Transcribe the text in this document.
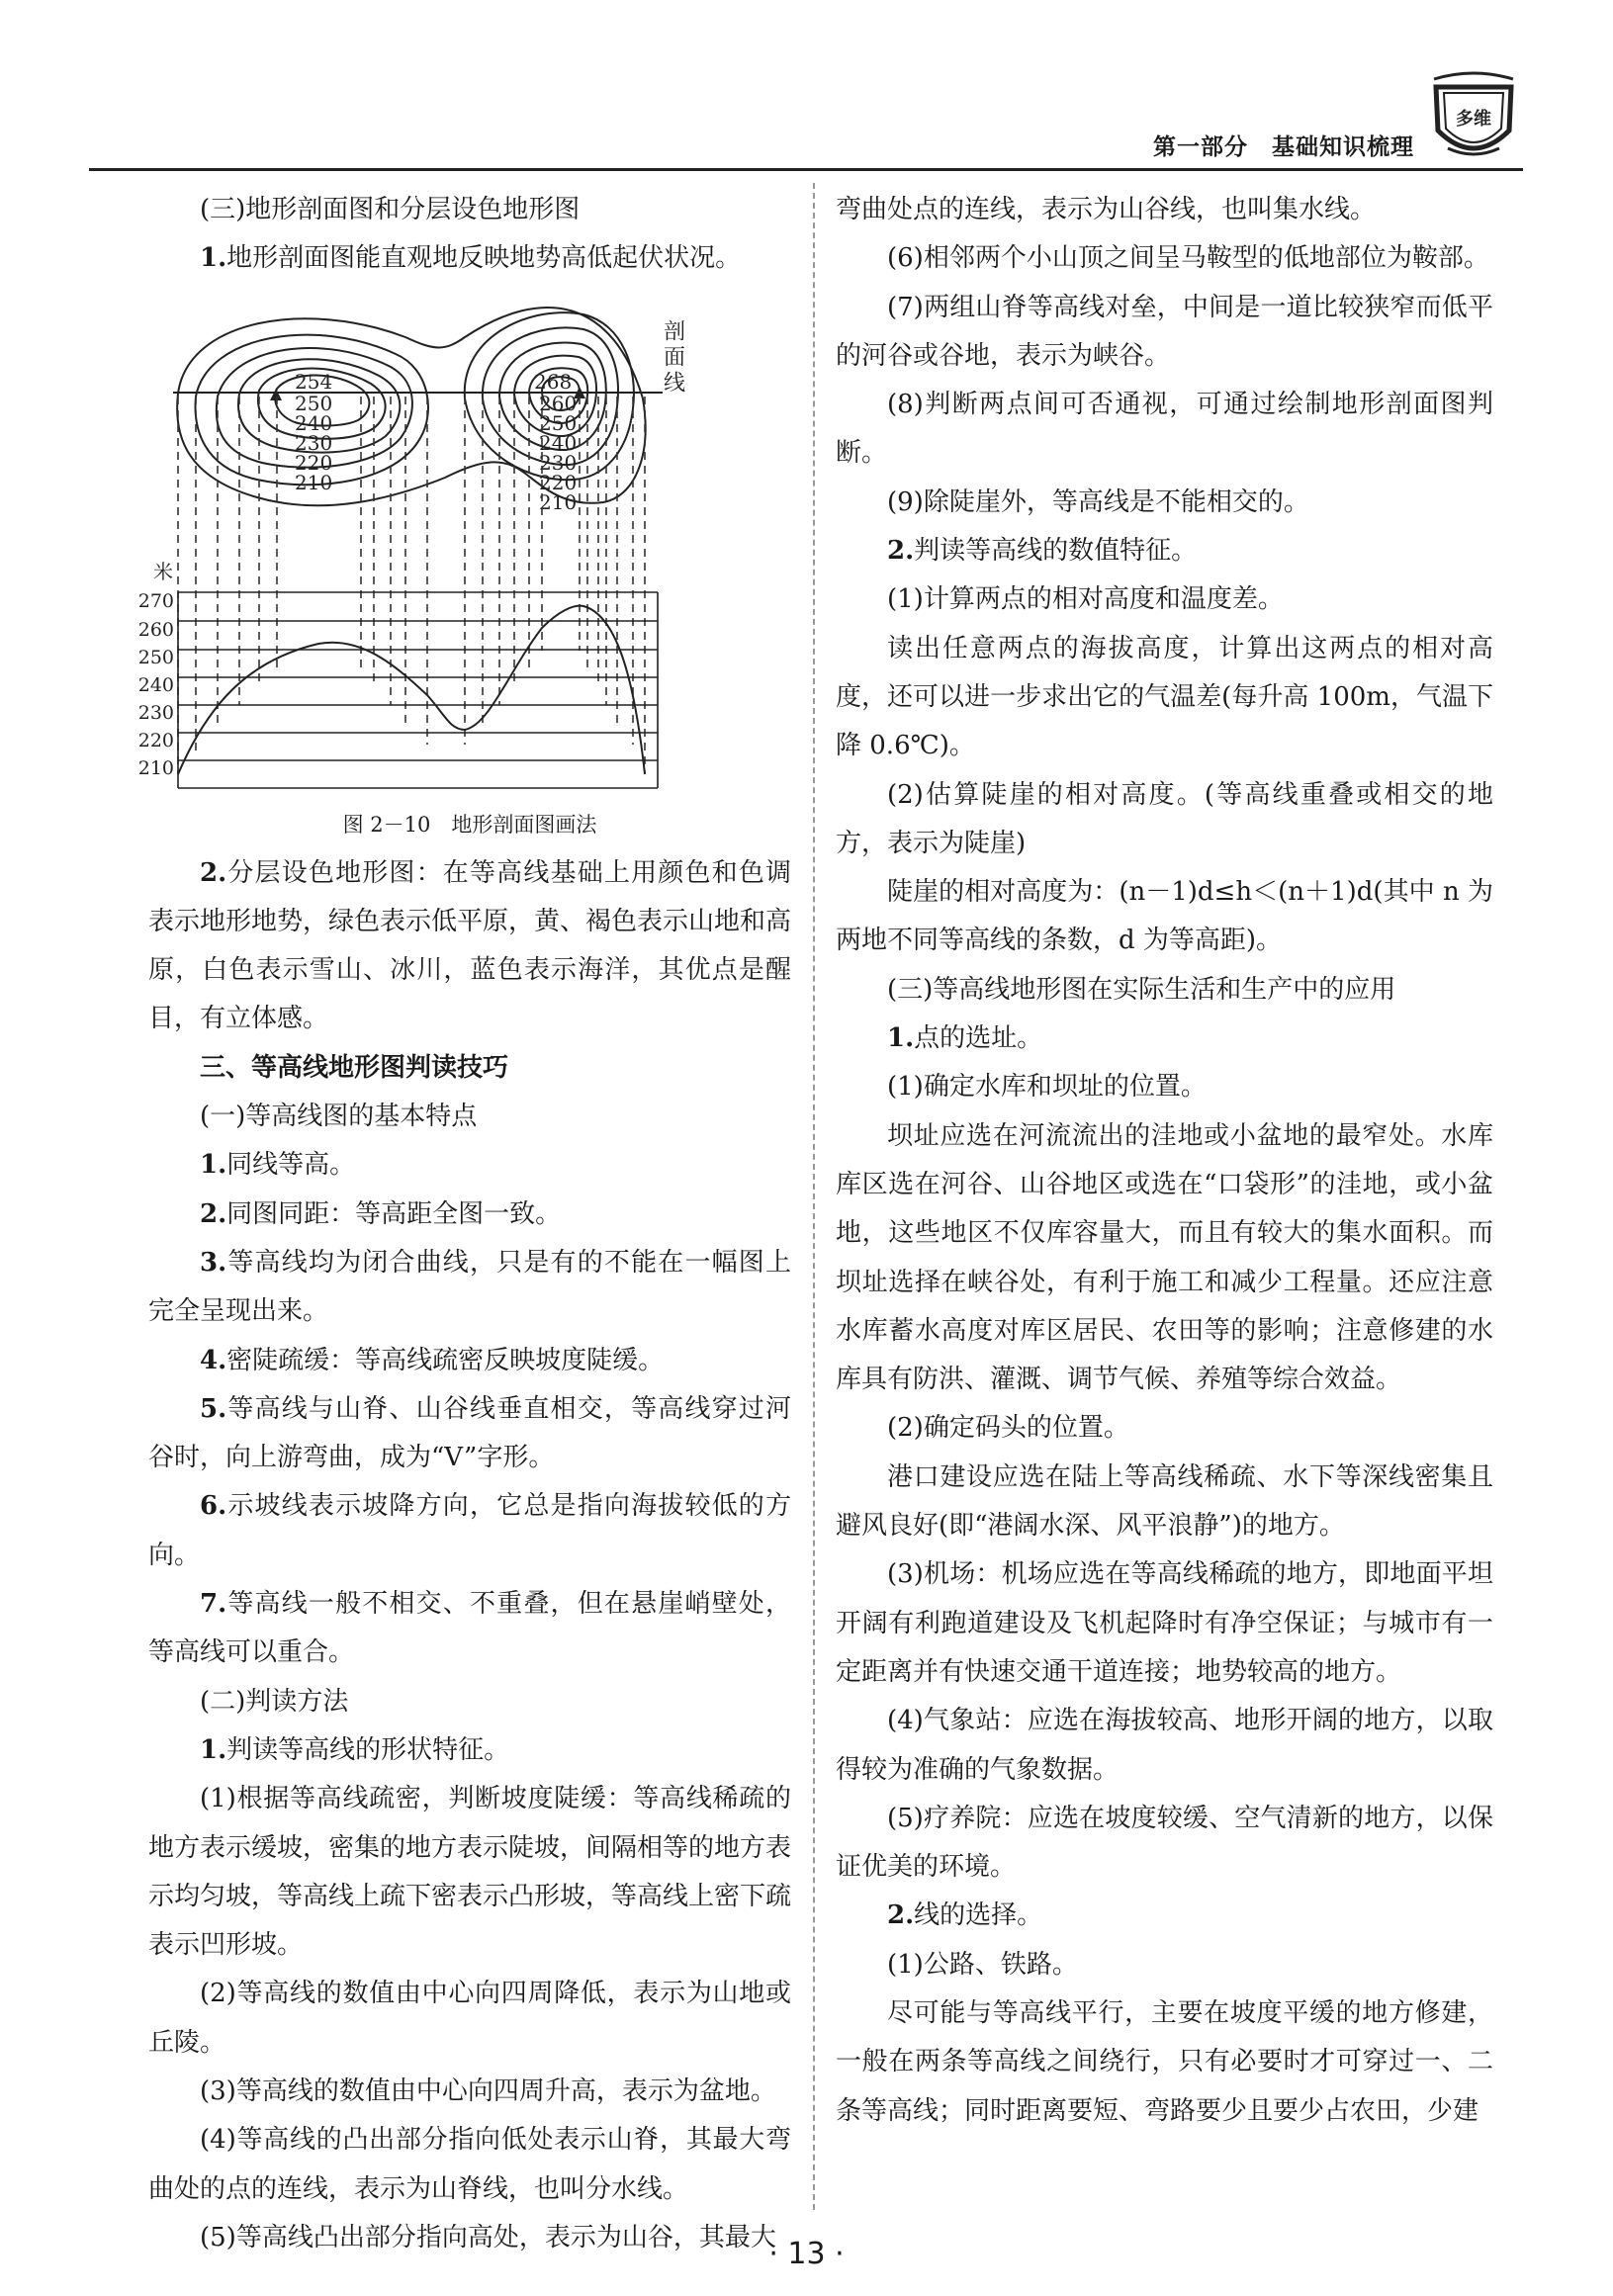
第一部分　 基础知识梳理
多维

(三)地形剖面图和分层设色地形图

1.地形剖面图能直观地反映地势高低起伏状况。

剖面线
254	268
250
240
230
220
210
260
250
240
230
220
210
米
270
260
250
240
230
220
210
图 2－10　地形剖面图画法

2.分层设色地形图：在等高线基础上用颜色和色调表示地形地势，绿色表示低平原，黄、褐色表示山地和高原，白色表示雪山、冰川，蓝色表示海洋，其优点是醒目，有立体感。

三、等高线地形图判读技巧

(一)等高线图的基本特点

1.同线等高。

2.同图同距：等高距全图一致。

3.等高线均为闭合曲线，只是有的不能在一幅图上完全呈现出来。

4.密陡疏缓：等高线疏密反映坡度陡缓。

5.等高线与山脊、山谷线垂直相交，等高线穿过河谷时，向上游弯曲，成为“V”字形。

6.示坡线表示坡降方向，它总是指向海拔较低的方向。

7.等高线一般不相交、不重叠，但在悬崖峭壁处，等高线可以重合。

(二)判读方法

1.判读等高线的形状特征。

(1)根据等高线疏密，判断坡度陡缓：等高线稀疏的地方表示缓坡，密集的地方表示陡坡，间隔相等的地方表示均匀坡，等高线上疏下密表示凸形坡，等高线上密下疏表示凹形坡。

(2)等高线的数值由中心向四周降低，表示为山地或丘陵。

(3)等高线的数值由中心向四周升高，表示为盆地。

(4)等高线的凸出部分指向低处表示山脊，其最大弯曲处的点的连线，表示为山脊线，也叫分水线。

(5)等高线凸出部分指向高处，表示为山谷，其最大

弯曲处点的连线，表示为山谷线，也叫集水线。

(6)相邻两个小山顶之间呈马鞍型的低地部位为鞍部。

(7)两组山脊等高线对垒，中间是一道比较狭窄而低平的河谷或谷地，表示为峡谷。

(8)判断两点间可否通视，可通过绘制地形剖面图判断。

(9)除陡崖外，等高线是不能相交的。

2.判读等高线的数值特征。

(1)计算两点的相对高度和温度差。

读出任意两点的海拔高度，计算出这两点的相对高度，还可以进一步求出它的气温差(每升高 100m，气温下降 0.6℃)。

(2)估算陡崖的相对高度。(等高线重叠或相交的地方，表示为陡崖)

陡崖的相对高度为：(n－1)d≤h＜(n＋1)d(其中 n 为两地不同等高线的条数，d 为等高距)。

(三)等高线地形图在实际生活和生产中的应用

1.点的选址。

(1)确定水库和坝址的位置。

坝址应选在河流流出的洼地或小盆地的最窄处。水库库区选在河谷、山谷地区或选在“口袋形”的洼地，或小盆地，这些地区不仅库容量大，而且有较大的集水面积。而坝址选择在峡谷处，有利于施工和减少工程量。还应注意水库蓄水高度对库区居民、农田等的影响；注意修建的水库具有防洪、灌溉、调节气候、养殖等综合效益。

(2)确定码头的位置。

港口建设应选在陆上等高线稀疏、水下等深线密集且避风良好(即“港阔水深、风平浪静”)的地方。

(3)机场：机场应选在等高线稀疏的地方，即地面平坦开阔有利跑道建设及飞机起降时有净空保证；与城市有一定距离并有快速交通干道连接；地势较高的地方。

(4)气象站：应选在海拔较高、地形开阔的地方，以取得较为准确的气象数据。

(5)疗养院：应选在坡度较缓、空气清新的地方，以保证优美的环境。

2.线的选择。

(1)公路、铁路。

尽可能与等高线平行，主要在坡度平缓的地方修建，一般在两条等高线之间绕行，只有必要时才可穿过一、二条等高线；同时距离要短、弯路要少且要少占农田，少建

· 13 ·
